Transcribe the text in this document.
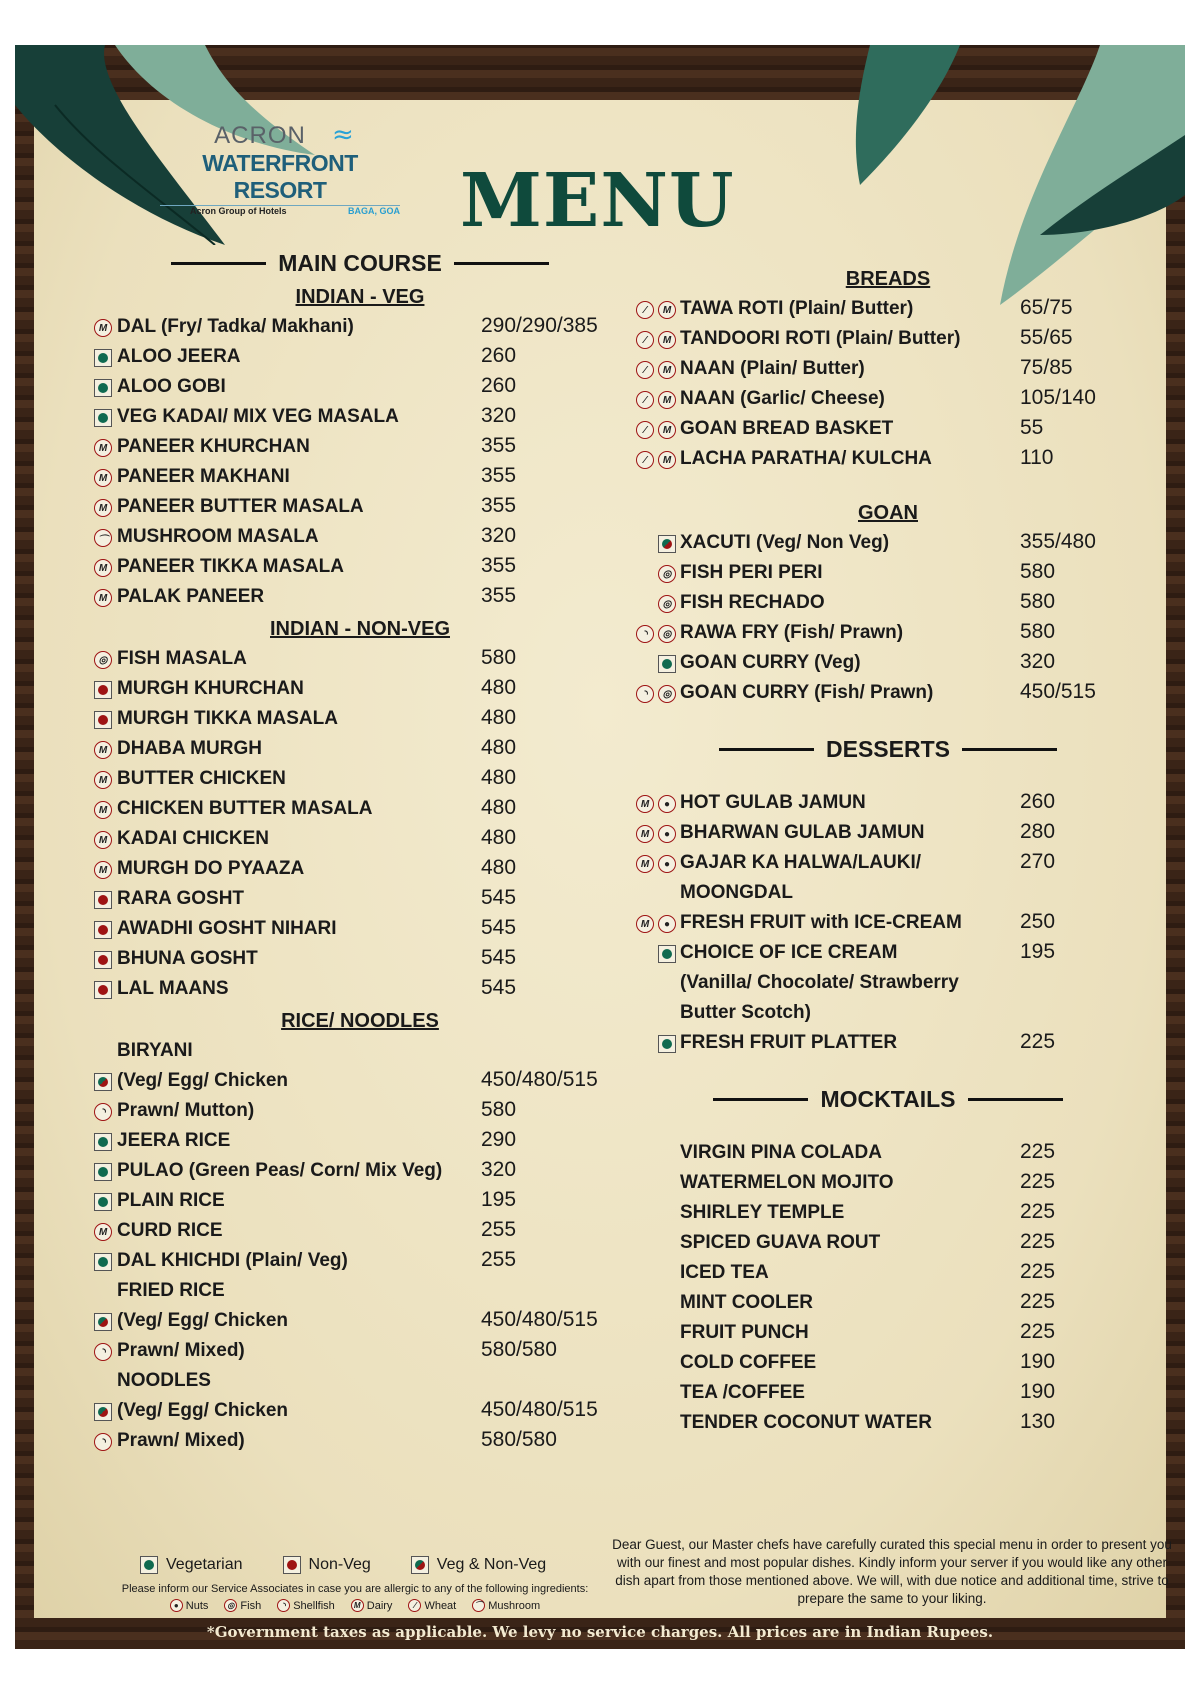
ACRON	≈
WATERFRONT RESORT
Acron Group of Hotels	BAGA, GOA MENU
MAIN COURSE
INDIAN - VEG
M DAL (Fry/ Tadka/ Makhani)	290/290/385
ALOO JEERA	260
ALOO GOBI	260
VEG KADAI/ MIX VEG MASALA	320
M PANEER KHURCHAN	355
M PANEER MAKHANI	355
M PANEER BUTTER MASALA	355
⌒ MUSHROOM MASALA	320
M PANEER TIKKA MASALA	355
M PALAK PANEER	355
INDIAN - NON-VEG
◎ FISH MASALA	580
MURGH KHURCHAN	480
MURGH TIKKA MASALA	480
M DHABA MURGH	480
M BUTTER CHICKEN	480
M CHICKEN BUTTER MASALA	480
M KADAI CHICKEN	480
M MURGH DO PYAAZA	480
RARA GOSHT	545
AWADHI GOSHT NIHARI	545
BHUNA GOSHT	545
LAL MAANS	545
RICE/ NOODLES
BIRYANI
(Veg/ Egg/ Chicken	450/480/515
◝ Prawn/ Mutton)	580
JEERA RICE	290
PULAO (Green Peas/ Corn/ Mix Veg) 320
PLAIN RICE	195
M CURD RICE	255
DAL KHICHDI (Plain/ Veg)	255
FRIED RICE
(Veg/ Egg/ Chicken	450/480/515
◝ Prawn/ Mixed)	580/580
NOODLES
(Veg/ Egg/ Chicken	450/480/515
◝ Prawn/ Mixed)	580/580
BREADS
⁄	M TAWA ROTI (Plain/ Butter)	65/75
⁄	M TANDOORI ROTI (Plain/ Butter)	55/65
⁄	M NAAN (Plain/ Butter)	75/85
⁄	M NAAN (Garlic/ Cheese)	105/140
⁄	M GOAN BREAD BASKET	55
⁄	M LACHA PARATHA/ KULCHA	110
GOAN
XACUTI (Veg/ Non Veg)	355/480
◎ FISH PERI PERI	580
◎ FISH RECHADO	580
◝	◎ RAWA FRY (Fish/ Prawn)	580
GOAN CURRY (Veg)	320
◝	◎ GOAN CURRY (Fish/ Prawn)	450/515
DESSERTS
M	● HOT GULAB JAMUN	260
M	● BHARWAN GULAB JAMUN	280
M	● GAJAR KA HALWA/LAUKI/	270
MOONGDAL
M	● FRESH FRUIT with ICE-CREAM	250
CHOICE OF ICE CREAM	195
(Vanilla/ Chocolate/ Strawberry
Butter Scotch)
FRESH FRUIT PLATTER	225
MOCKTAILS
VIRGIN PINA COLADA	225
WATERMELON MOJITO	225
SHIRLEY TEMPLE	225
SPICED GUAVA ROUT	225
ICED TEA	225
MINT COOLER	225
FRUIT PUNCH	225
COLD COFFEE	190
TEA /COFFEE	190
TENDER COCONUT WATER	130
Vegetarian	Non-Veg	Veg & Non-Veg
Please inform our Service Associates in case you are allergic to any of the following ingredients:
● Nuts	◎ Fish	◝ Shellfish	M Dairy	⁄ Wheat	⌒ Mushroom
Dear Guest, our Master chefs have carefully curated this special menu in order to present you with our finest and most popular dishes. Kindly inform your server if you would like any other dish apart from those mentioned above. We will, with due notice and additional time, strive to prepare the same to your liking.
*Government taxes as applicable. We levy no service charges. All prices are in Indian Rupees.
